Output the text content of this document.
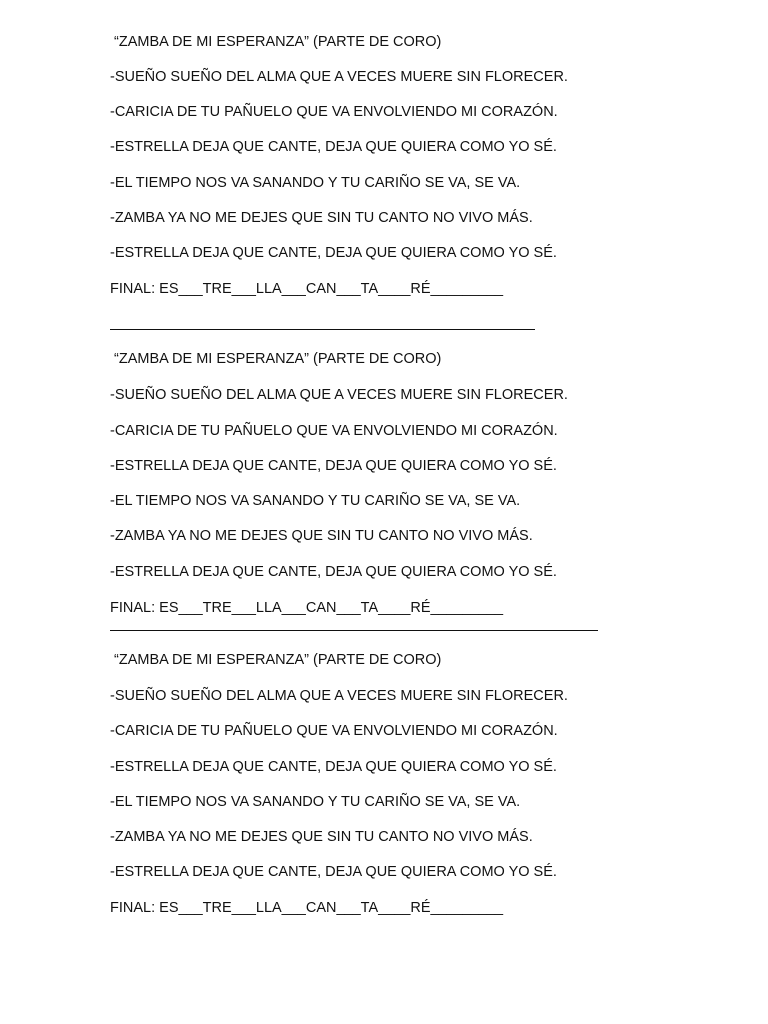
“ZAMBA DE MI ESPERANZA” (PARTE DE CORO)
-SUEÑO SUEÑO DEL ALMA QUE A VECES MUERE SIN FLORECER.
-CARICIA DE TU PAÑUELO QUE VA ENVOLVIENDO MI CORAZÓN.
-ESTRELLA DEJA QUE CANTE, DEJA QUE QUIERA COMO YO SÉ.
-EL TIEMPO NOS VA SANANDO Y TU CARIÑO SE VA, SE VA.
-ZAMBA YA NO ME DEJES QUE SIN TU CANTO NO VIVO MÁS.
-ESTRELLA DEJA QUE CANTE, DEJA QUE QUIERA COMO YO SÉ.
FINAL: ES___TRE___LLA___CAN___TA____RÉ_________
“ZAMBA DE MI ESPERANZA” (PARTE DE CORO)
-SUEÑO SUEÑO DEL ALMA QUE A VECES MUERE SIN FLORECER.
-CARICIA DE TU PAÑUELO QUE VA ENVOLVIENDO MI CORAZÓN.
-ESTRELLA DEJA QUE CANTE, DEJA QUE QUIERA COMO YO SÉ.
-EL TIEMPO NOS VA SANANDO Y TU CARIÑO SE VA, SE VA.
-ZAMBA YA NO ME DEJES QUE SIN TU CANTO NO VIVO MÁS.
-ESTRELLA DEJA QUE CANTE, DEJA QUE QUIERA COMO YO SÉ.
FINAL: ES___TRE___LLA___CAN___TA____RÉ_________
“ZAMBA DE MI ESPERANZA” (PARTE DE CORO)
-SUEÑO SUEÑO DEL ALMA QUE A VECES MUERE SIN FLORECER.
-CARICIA DE TU PAÑUELO QUE VA ENVOLVIENDO MI CORAZÓN.
-ESTRELLA DEJA QUE CANTE, DEJA QUE QUIERA COMO YO SÉ.
-EL TIEMPO NOS VA SANANDO Y TU CARIÑO SE VA, SE VA.
-ZAMBA YA NO ME DEJES QUE SIN TU CANTO NO VIVO MÁS.
-ESTRELLA DEJA QUE CANTE, DEJA QUE QUIERA COMO YO SÉ.
FINAL: ES___TRE___LLA___CAN___TA____RÉ_________
